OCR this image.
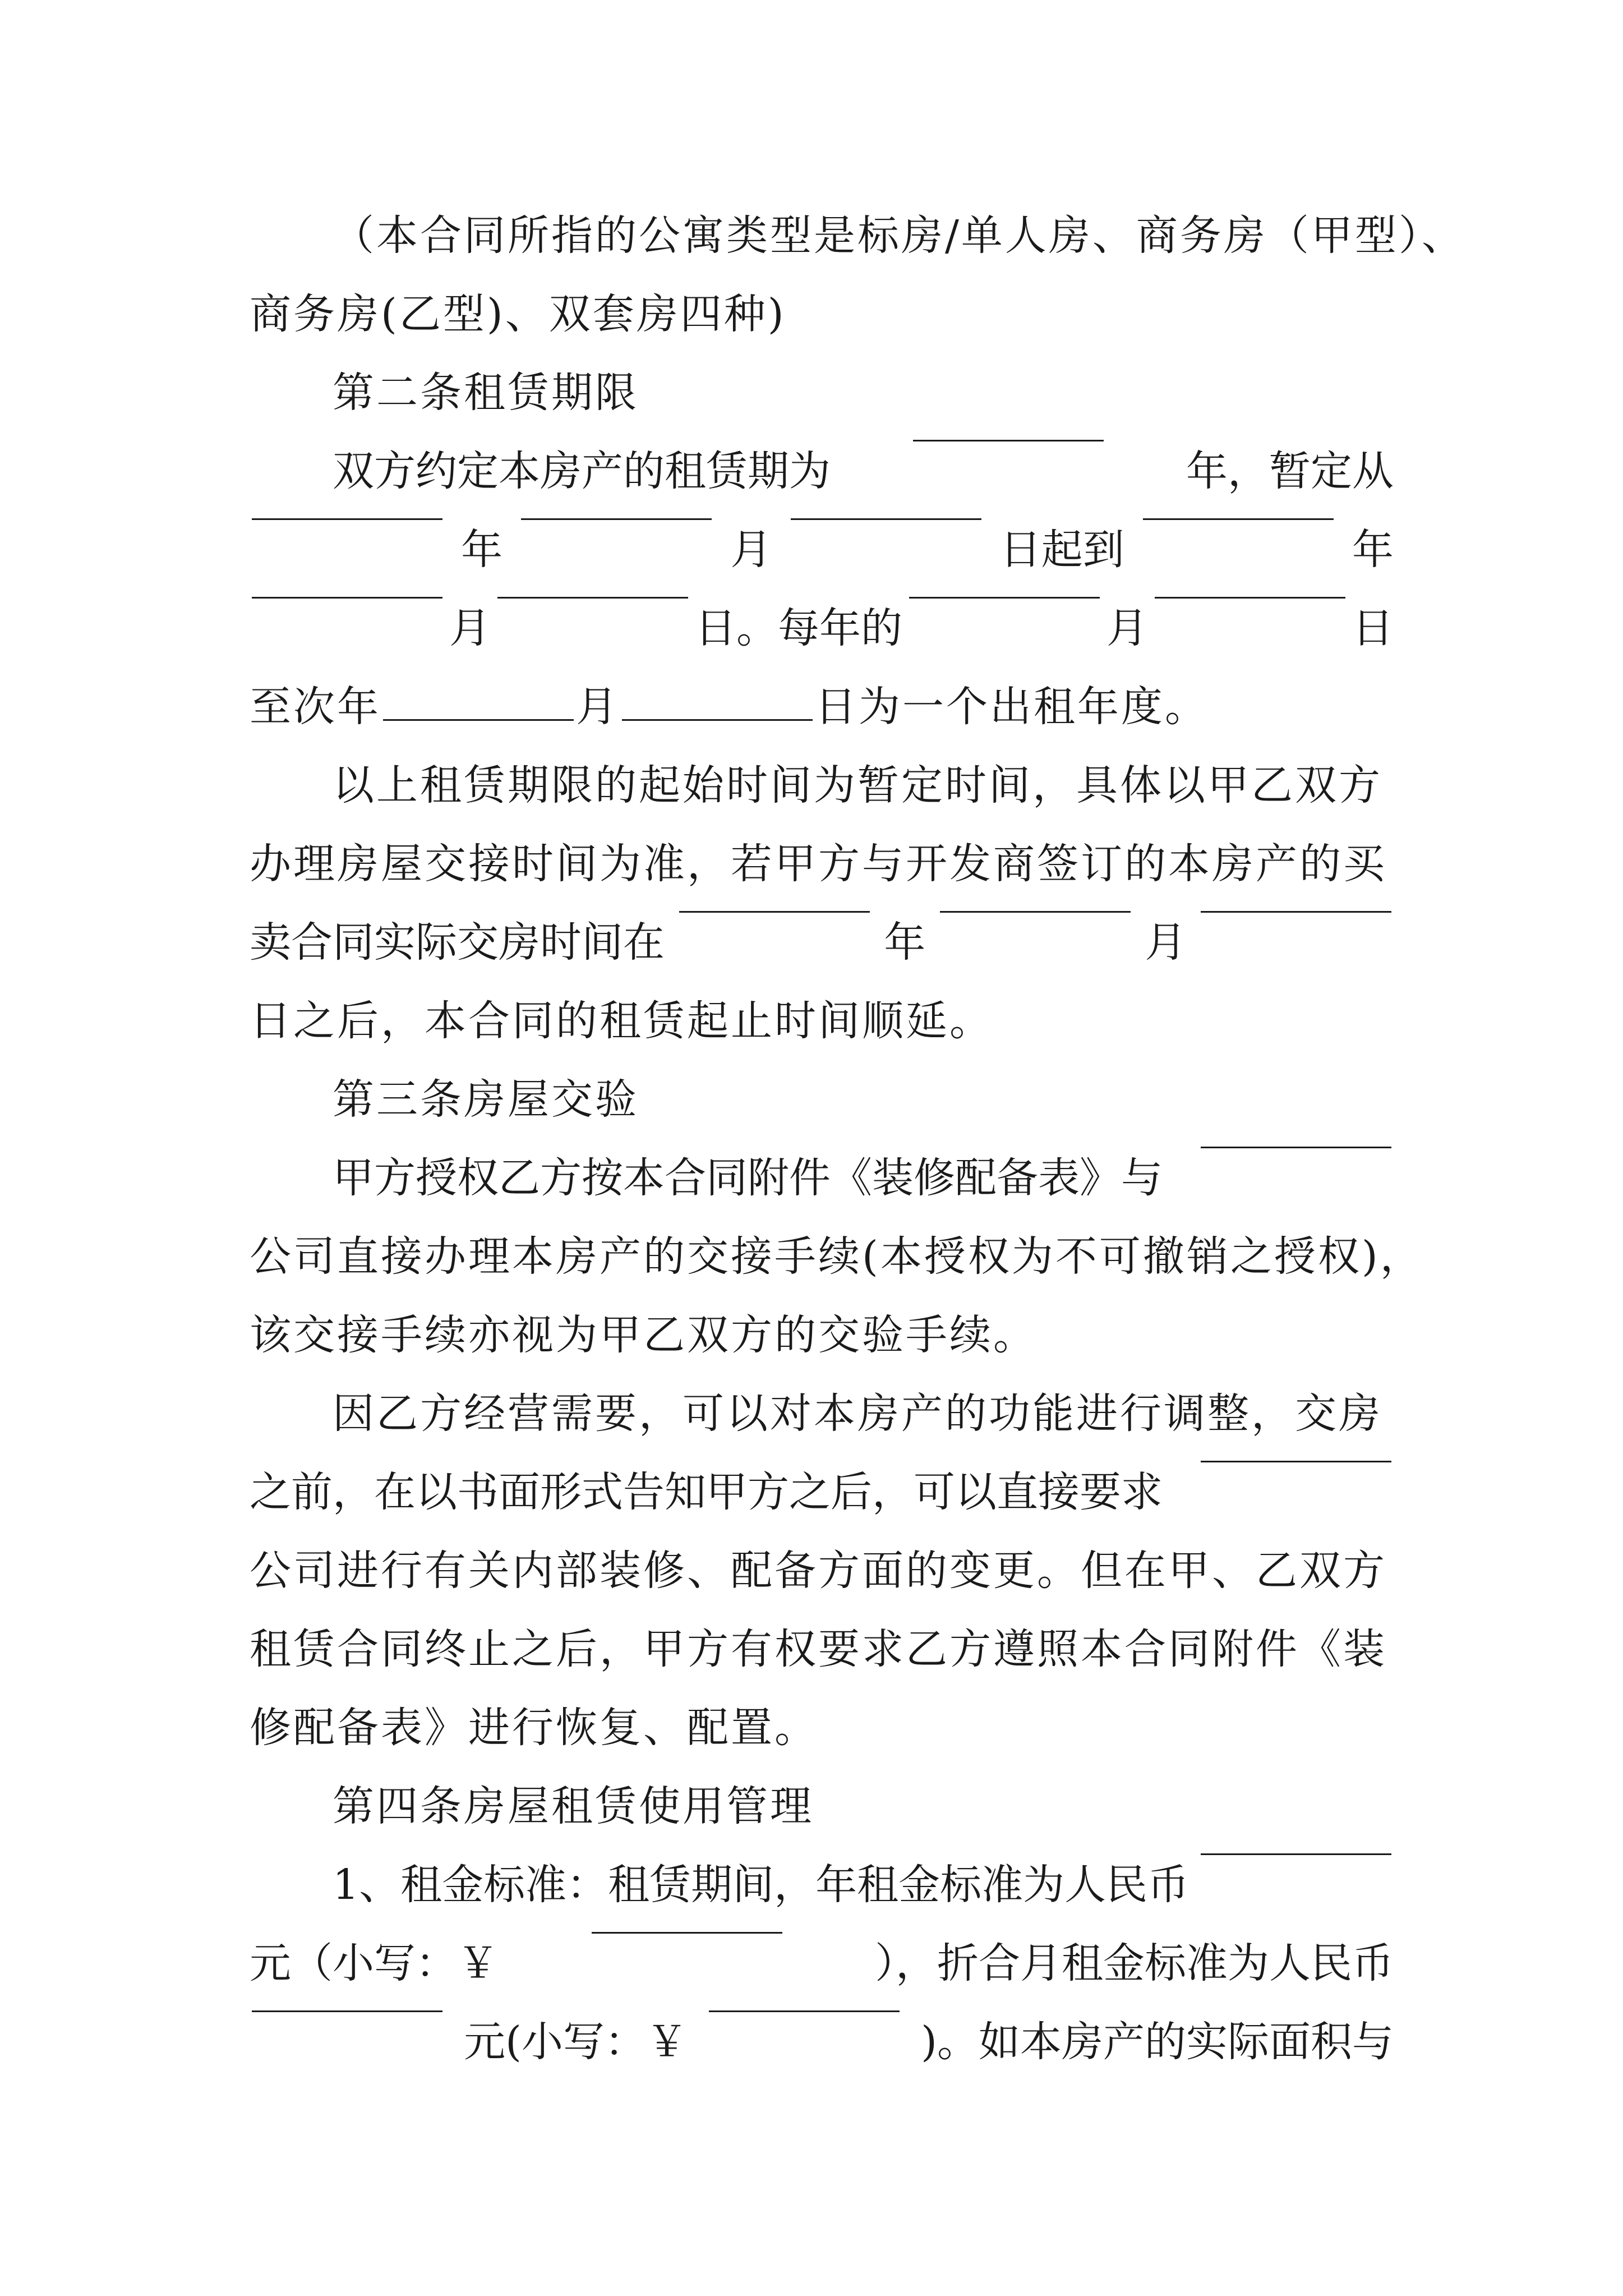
（本合同所指的公寓类型是标房/单人房、商务房（甲型）、
商务房(乙型)、双套房四种)
第二条租赁期限
双方约定本房产的租赁期为	年，暂定从
年	月	日起到	年
月	日。每年的	月	日
至次年	月	日为一个出租年度。
以上租赁期限的起始时间为暂定时间，具体以甲乙双方
办理房屋交接时间为准，若甲方与开发商签订的本房产的买
卖合同实际交房时间在	年	月
日之后，本合同的租赁起止时间顺延。
第三条房屋交验
甲方授权乙方按本合同附件《装修配备表》与
公司直接办理本房产的交接手续(本授权为不可撤销之授权)，
该交接手续亦视为甲乙双方的交验手续。
因乙方经营需要，可以对本房产的功能进行调整，交房
之前，在以书面形式告知甲方之后，可以直接要求
公司进行有关内部装修、配备方面的变更。但在甲、乙双方
租赁合同终止之后，甲方有权要求乙方遵照本合同附件《装
修配备表》进行恢复、配置。
第四条房屋租赁使用管理
1、租金标准：租赁期间，年租金标准为人民币
元（小写：￥	），折合月租金标准为人民币
元(小写：￥	)。如本房产的实际面积与
